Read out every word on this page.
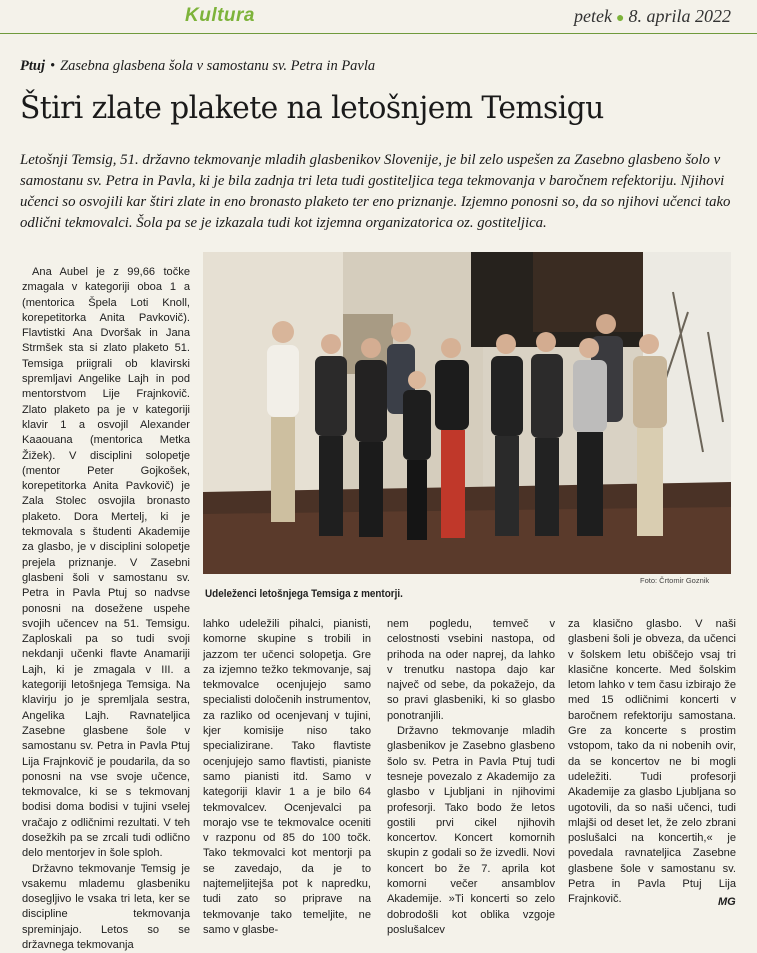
Kultura	petek ● 8. aprila 2022
Ptuj • Zasebna glasbena šola v samostanu sv. Petra in Pavla
Štiri zlate plakete na letošnjem Temsigu

Letošnji Temsig, 51. državno tekmovanje mladih glasbenikov Slovenije, je bil zelo uspešen za Zasebno glasbeno šolo v samostanu sv. Petra in Pavla, ki je bila zadnja tri leta tudi gostiteljica tega tekmovanja v baročnem refektoriju. Njihovi učenci so osvojili kar štiri zlate in eno bronasto plaketo ter eno priznanje. Izjemno ponosni so, da so njihovi učenci tako odlični tekmovalci. Šola pa se je izkazala tudi kot izjemna organizatorica oz. gostiteljica.

Ana Aubel je z 99,66 točke zmagala v kategoriji oboa 1 a (mentorica Špela Loti Knoll, korepetitorka Anita Pavkovič). Flavtistki Ana Dvoršak in Jana Strmšek sta si zlato plaketo 51. Temsiga priigrali ob klavirski spremljavi Angelike Lajh in pod mentorstvom Lije Frajnkovič. Zlato plaketo pa je v kategoriji klavir 1 a osvojil Alexander Kaaouana (mentorica Metka Žižek). V disciplini solopetje (mentor Peter Gojkošek, korepetitorka Anita Pavkovič) je Zala Stolec osvojila bronasto plaketo. Dora Mertelj, ki je tekmovala s študenti Akademije za glasbo, je v disciplini solopetje prejela priznanje. V Zasebni glasbeni šoli v samostanu sv. Petra in Pavla Ptuj so nadvse ponosni na dosežene uspehe svojih učencev na 51. Temsigu. Zaploskali pa so tudi svoji nekdanji učenki flavte Anamariji Lajh, ki je zmagala v III. a kategoriji letošnjega Temsiga. Na klavirju jo je spremljala sestra, Angelika Lajh. Ravnateljica Zasebne glasbene šole v samostanu sv. Petra in Pavla Ptuj Lija Frajnkovič je poudarila, da so ponosni na vse svoje učence, tekmovalce, ki se s tekmovanj bodisi doma bodisi v tujini vselej vračajo z odličnimi rezultati. V teh dosežkih pa se zrcali tudi odlično delo mentorjev in šole sploh.

Državno tekmovanje Temsig je vsakemu mlademu glasbeniku dosegljivo le vsaka tri leta, ker se discipline tekmovanja spreminjajo. Letos so se državnega tekmovanja

Foto: Črtomir Goznik
Udeleženci letošnjega Temsiga z mentorji.

lahko udeležili pihalci, pianisti, komorne skupine s trobili in jazzom ter učenci solopetja. Gre za izjemno težko tekmovanje, saj tekmovalce ocenjujejo samo specialisti določenih instrumentov, za razliko od ocenjevanj v tujini, kjer komisije niso tako specializirane. Tako flavtiste ocenjujejo samo flavtisti, pianiste samo pianisti itd. Samo v kategoriji klavir 1 a je bilo 64 tekmovalcev. Ocenjevalci pa morajo vse te tekmovalce oceniti v razponu od 85 do 100 točk. Tako tekmovalci kot mentorji pa se zavedajo, da je to najtemeljitejša pot k napredku, tudi zato so priprave na tekmovanje tako temeljite, ne samo v glasbe-

nem pogledu, temveč v celostnosti vsebini nastopa, od prihoda na oder naprej, da lahko v trenutku nastopa dajo kar največ od sebe, da pokažejo, da so pravi glasbeniki, ki so glasbo ponotranjili.

Državno tekmovanje mladih glasbenikov je Zasebno glasbeno šolo sv. Petra in Pavla Ptuj tudi tesneje povezalo z Akademijo za glasbo v Ljubljani in njihovimi profesorji. Tako bodo že letos gostili prvi cikel njihovih koncertov. Koncert komornih skupin z godali so že izvedli. Novi koncert bo že 7. aprila kot komorni večer ansamblov Akademije. »Ti koncerti so zelo dobrodošli kot oblika vzgoje poslušalcev

za klasično glasbo. V naši glasbeni šoli je obveza, da učenci v šolskem letu obiščejo vsaj tri klasične koncerte. Med šolskim letom lahko v tem času izbirajo že med 15 odličnimi koncerti v baročnem refektoriju samostana. Gre za koncerte s prostim vstopom, tako da ni nobenih ovir, da se koncertov ne bi mogli udeležiti. Tudi profesorji Akademije za glasbo Ljubljana so ugotovili, da so naši učenci, tudi mlajši od deset let, že zelo zbrani poslušalci na koncertih,« je povedala ravnateljica Zasebne glasbene šole v samostanu sv. Petra in Pavla Ptuj Lija Frajnkovič.	MG
